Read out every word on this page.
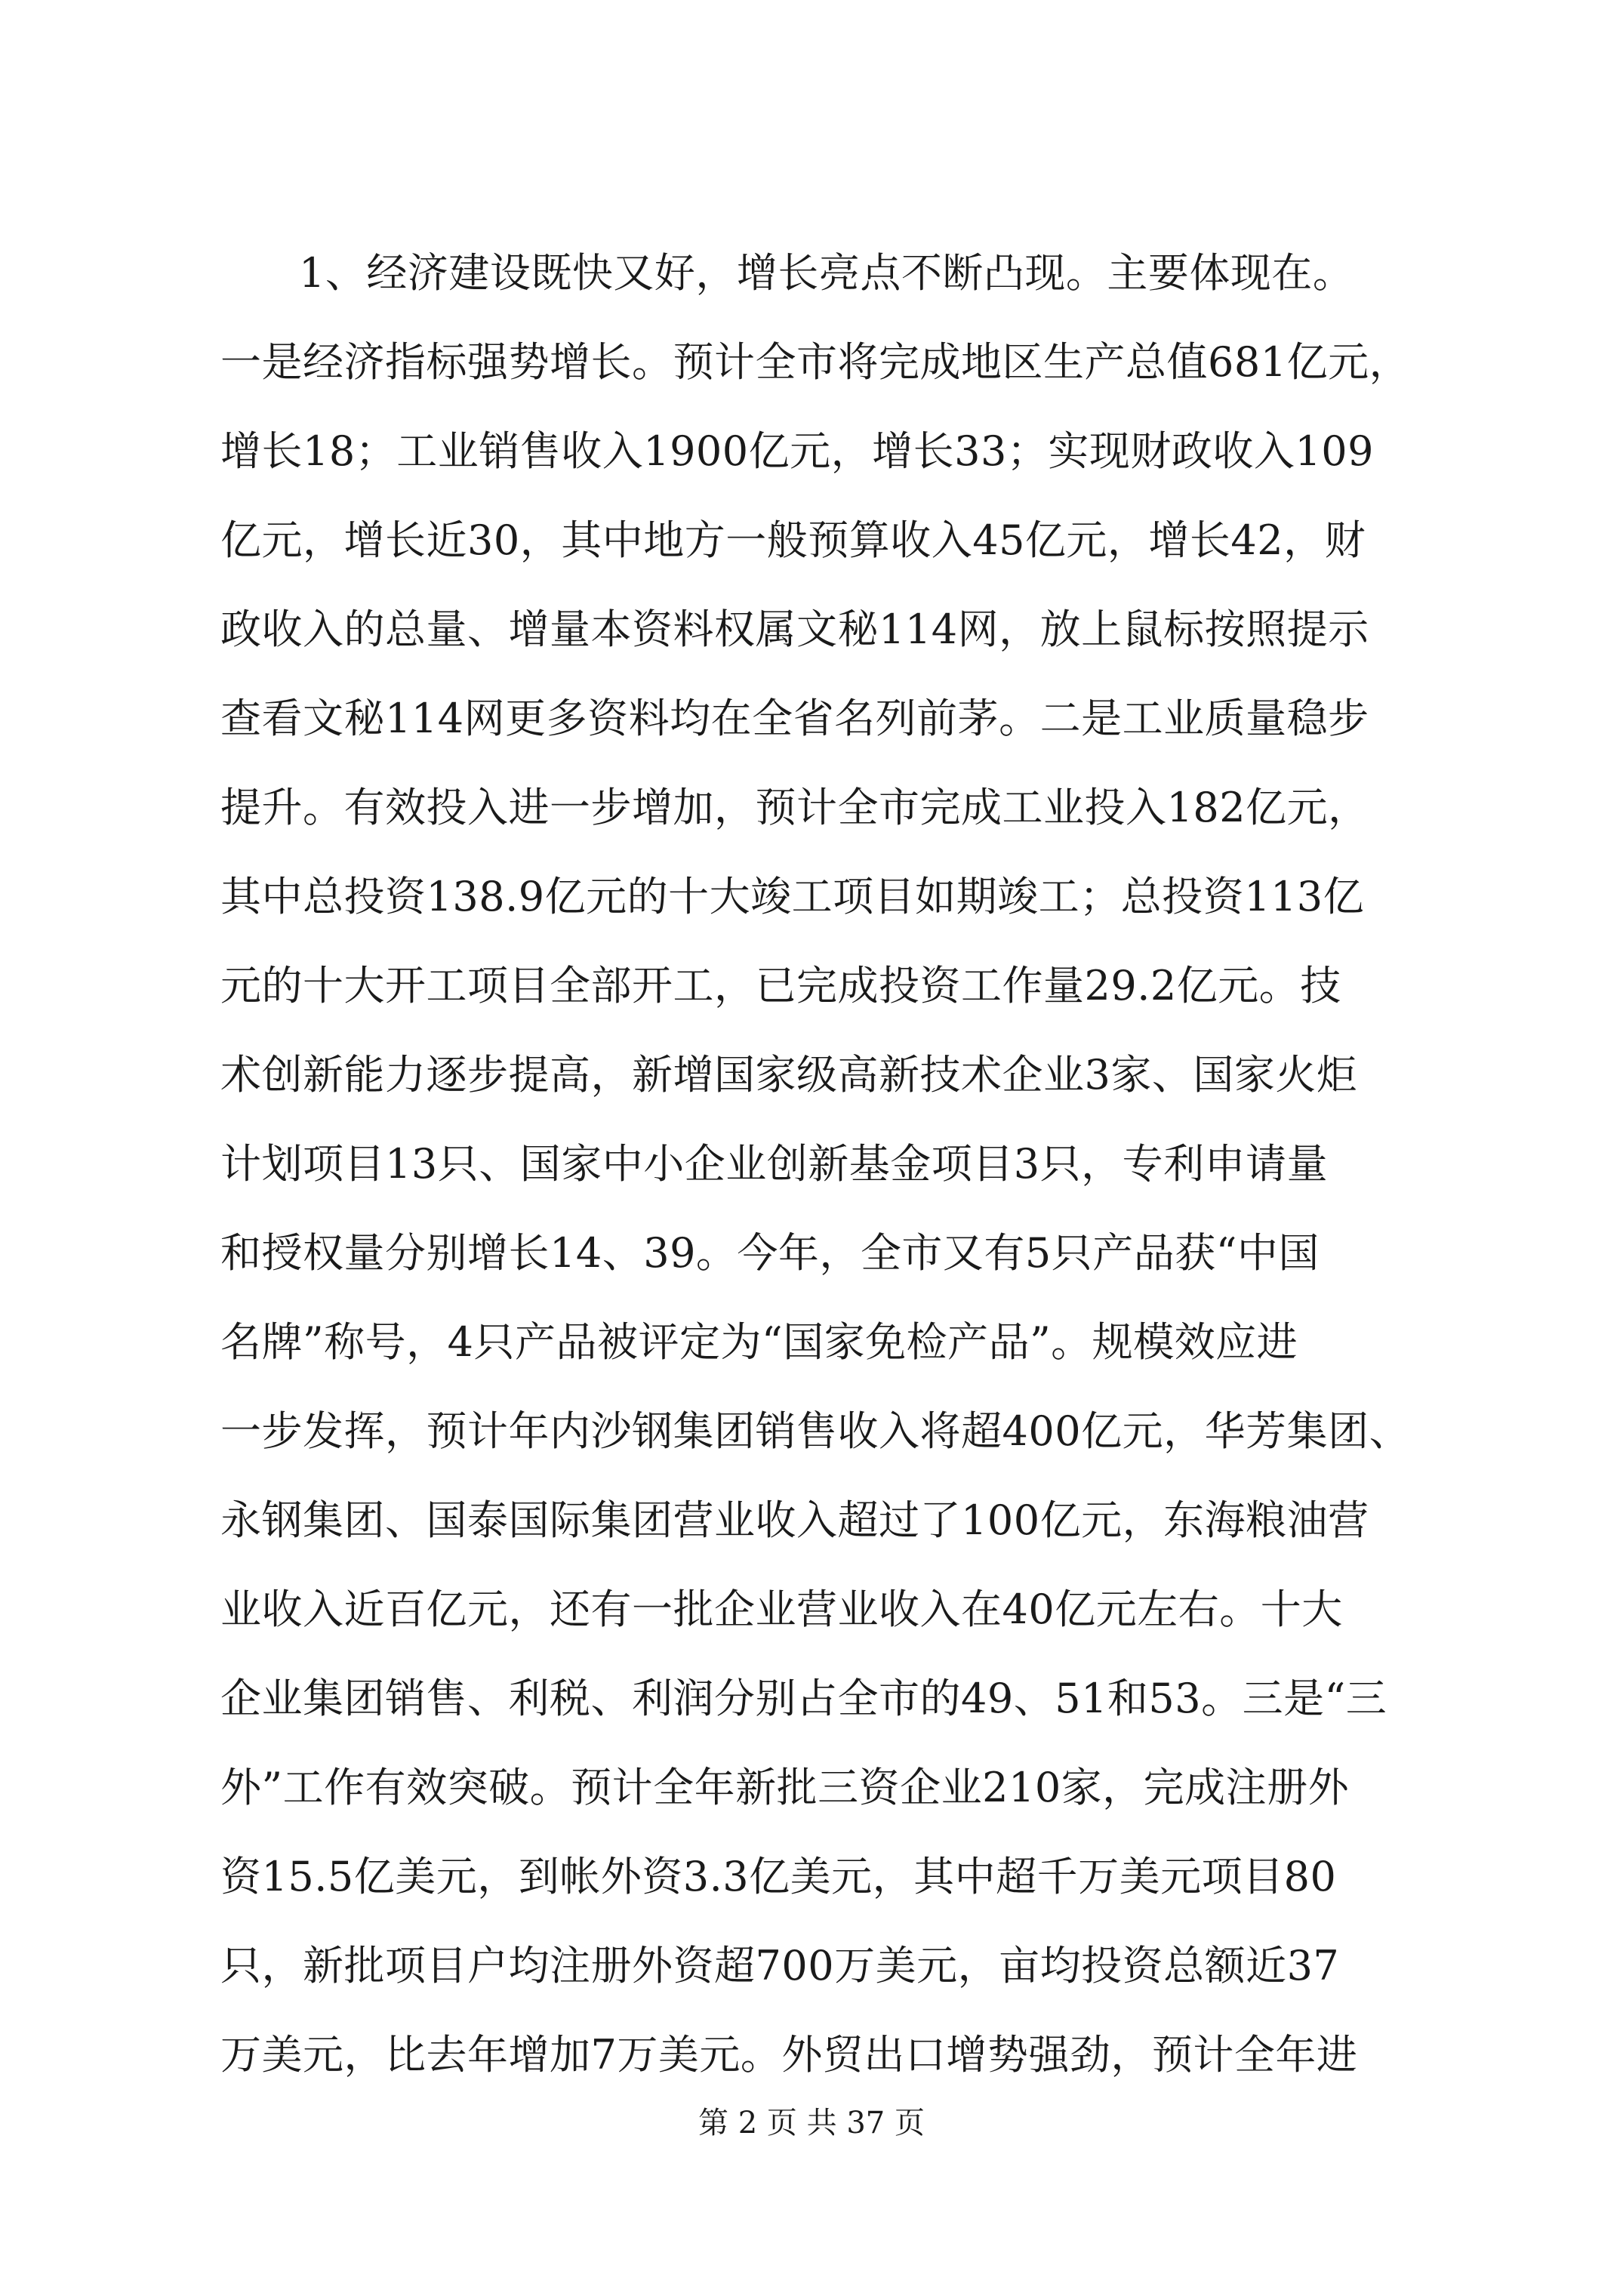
1、经济建设既快又好，增长亮点不断凸现。主要体现在。
一是经济指标强势增长。预计全市将完成地区生产总值681亿元，
增长18；工业销售收入1900亿元，增长33；实现财政收入109
亿元，增长近30，其中地方一般预算收入45亿元，增长42，财
政收入的总量、增量本资料权属文秘114网，放上鼠标按照提示
查看文秘114网更多资料均在全省名列前茅。二是工业质量稳步
提升。有效投入进一步增加，预计全市完成工业投入182亿元，
其中总投资138.9亿元的十大竣工项目如期竣工；总投资113亿
元的十大开工项目全部开工，已完成投资工作量29.2亿元。技
术创新能力逐步提高，新增国家级高新技术企业3家、国家火炬
计划项目13只、国家中小企业创新基金项目3只，专利申请量
和授权量分别增长14、39。今年，全市又有5只产品获“中国
名牌”称号，4只产品被评定为“国家免检产品”。规模效应进
一步发挥，预计年内沙钢集团销售收入将超400亿元，华芳集团、
永钢集团、国泰国际集团营业收入超过了100亿元，东海粮油营
业收入近百亿元，还有一批企业营业收入在40亿元左右。十大
企业集团销售、利税、利润分别占全市的49、51和53。三是“三
外”工作有效突破。预计全年新批三资企业210家，完成注册外
资15.5亿美元，到帐外资3.3亿美元，其中超千万美元项目80
只，新批项目户均注册外资超700万美元，亩均投资总额近37
万美元，比去年增加7万美元。外贸出口增势强劲，预计全年进
第 2 页 共 37 页
